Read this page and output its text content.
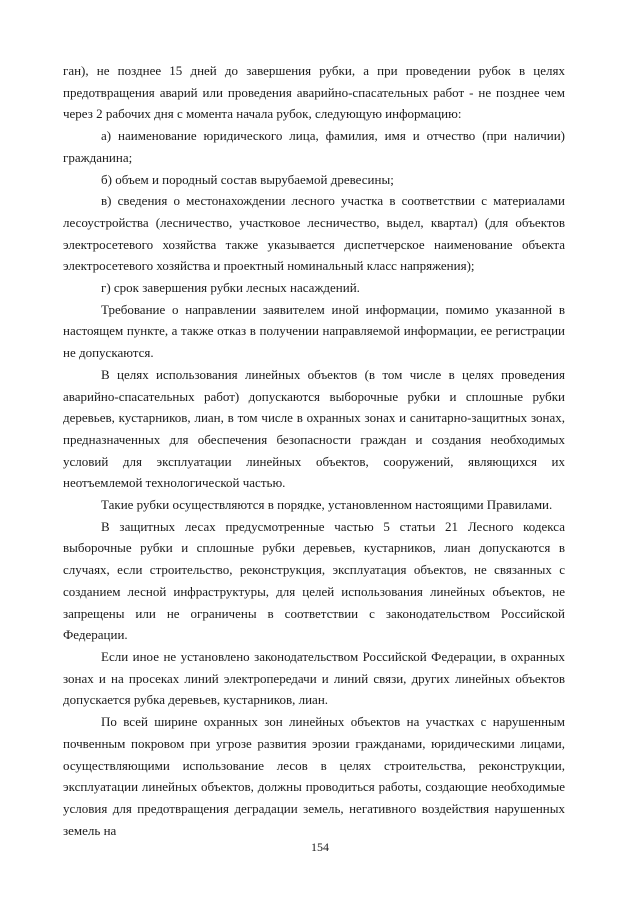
ган), не позднее 15 дней до завершения рубки, а при проведении рубок в целях предотвращения аварий или проведения аварийно-спасательных работ - не позднее чем через 2 рабочих дня с момента начала рубок, следующую информацию:

а) наименование юридического лица, фамилия, имя и отчество (при наличии) гражданина;

б) объем и породный состав вырубаемой древесины;

в) сведения о местонахождении лесного участка в соответствии с материалами лесоустройства (лесничество, участковое лесничество, выдел, квартал) (для объектов электросетевого хозяйства также указывается диспетчерское наименование объекта электросетевого хозяйства и проектный номинальный класс напряжения);

г) срок завершения рубки лесных насаждений.

Требование о направлении заявителем иной информации, помимо указанной в настоящем пункте, а также отказ в получении направляемой информации, ее регистрации не допускаются.

В целях использования линейных объектов (в том числе в целях проведения аварийно-спасательных работ) допускаются выборочные рубки и сплошные рубки деревьев, кустарников, лиан, в том числе в охранных зонах и санитарно-защитных зонах, предназначенных для обеспечения безопасности граждан и создания необходимых условий для эксплуатации линейных объектов, сооружений, являющихся их неотъемлемой технологической частью.

Такие рубки осуществляются в порядке, установленном настоящими Правилами.

В защитных лесах предусмотренные частью 5 статьи 21 Лесного кодекса выборочные рубки и сплошные рубки деревьев, кустарников, лиан допускаются в случаях, если строительство, реконструкция, эксплуатация объектов, не связанных с созданием лесной инфраструктуры, для целей использования линейных объектов, не запрещены или не ограничены в соответствии с законодательством Российской Федерации.

Если иное не установлено законодательством Российской Федерации, в охранных зонах и на просеках линий электропередачи и линий связи, других линейных объектов допускается рубка деревьев, кустарников, лиан.

По всей ширине охранных зон линейных объектов на участках с нарушенным почвенным покровом при угрозе развития эрозии гражданами, юридическими лицами, осуществляющими использование лесов в целях строительства, реконструкции, эксплуатации линейных объектов, должны проводиться работы, создающие необходимые условия для предотвращения деградации земель, негативного воздействия нарушенных земель на

154
